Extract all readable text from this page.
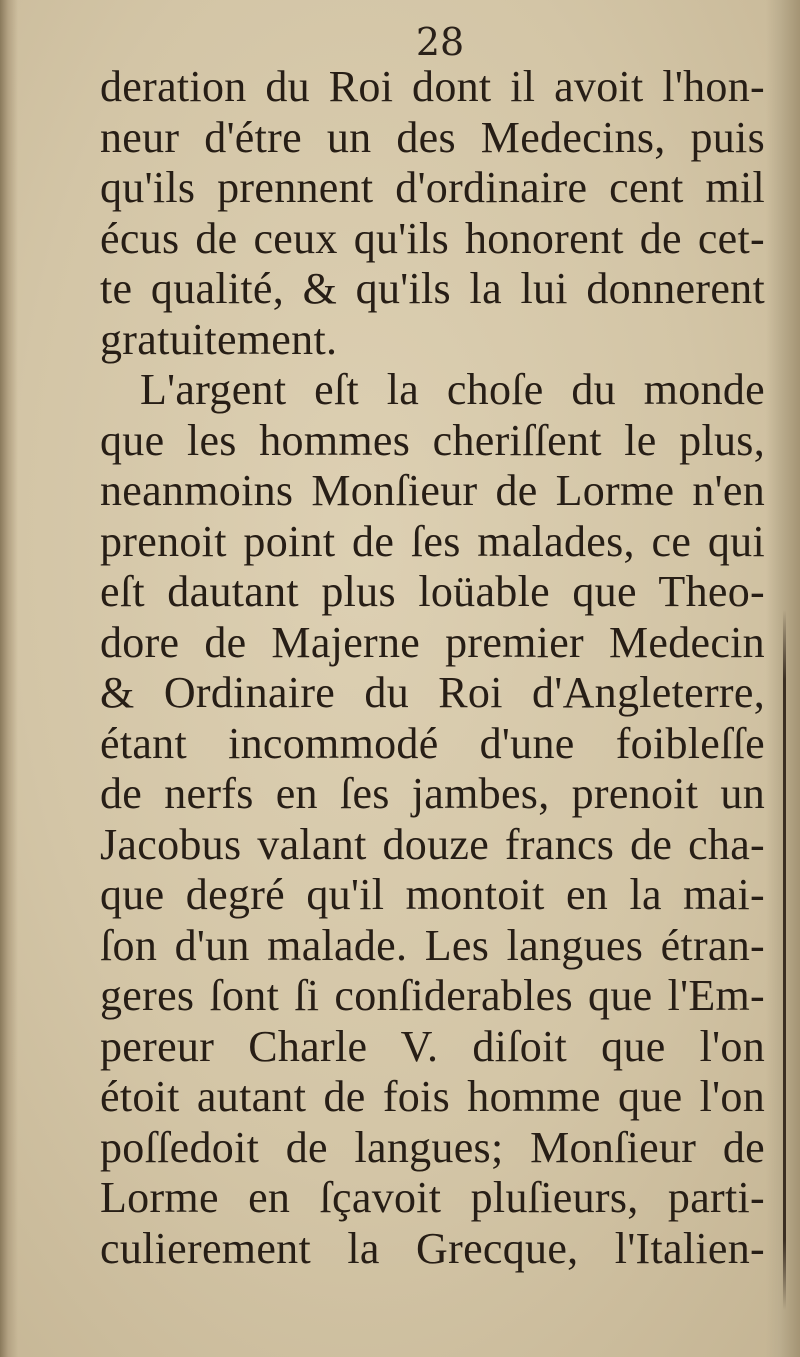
28
deration du Roi dont il avoit l'hon-
neur d'étre un des Medecins, puis
qu'ils prennent d'ordinaire cent mil
écus de ceux qu'ils honorent de cet-
te qualité, & qu'ils la lui donnerent
gratuitement.
L'argent eſt la choſe du monde
que les hommes cheriſſent le plus,
neanmoins Monſieur de Lorme n'en
prenoit point de ſes malades, ce qui
eſt dautant plus loüable que Theo-
dore de Majerne premier Medecin
& Ordinaire du Roi d'Angleterre,
étant incommodé d'une foibleſſe
de nerfs en ſes jambes, prenoit un
Jacobus valant douze francs de cha-
que degré qu'il montoit en la mai-
ſon d'un malade. Les langues étran-
geres ſont ſi conſiderables que l'Em-
pereur Charle V. diſoit que l'on
étoit autant de fois homme que l'on
poſſedoit de langues; Monſieur de
Lorme en ſçavoit pluſieurs, parti-
culierement la Grecque, l'Italien-
